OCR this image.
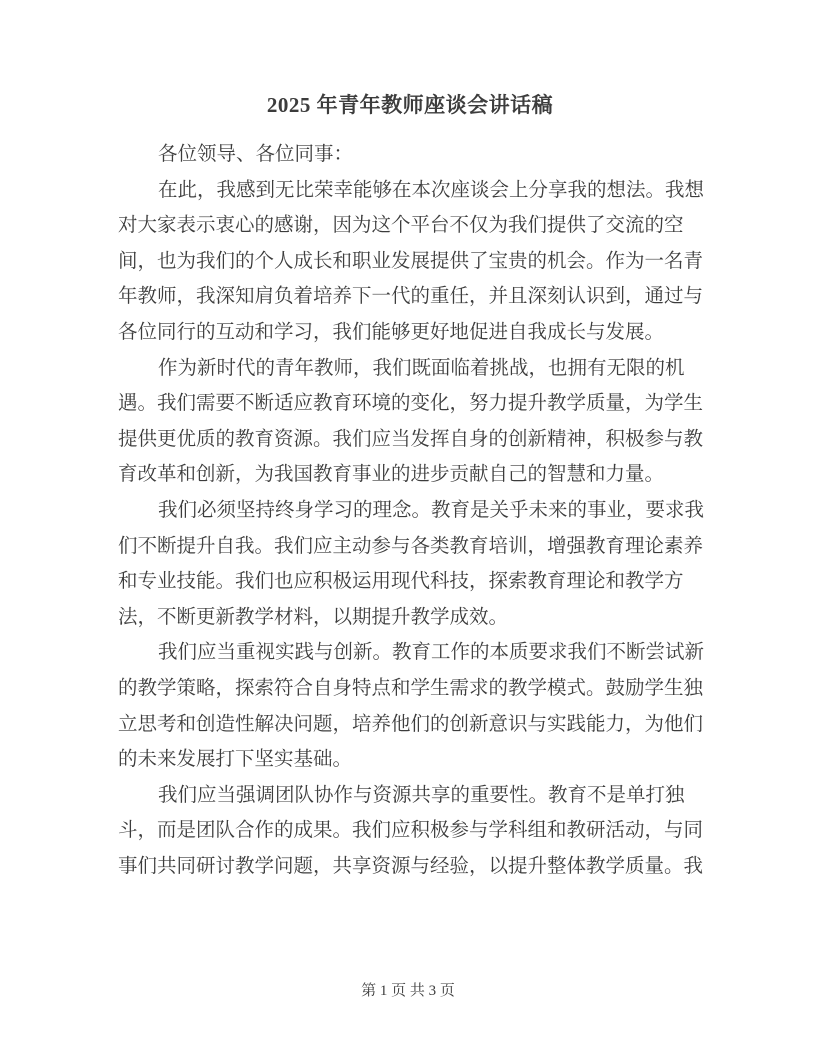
2025 年青年教师座谈会讲话稿
各位领导、各位同事：
在此，我感到无比荣幸能够在本次座谈会上分享我的想法。我想
对大家表示衷心的感谢，因为这个平台不仅为我们提供了交流的空
间，也为我们的个人成长和职业发展提供了宝贵的机会。作为一名青
年教师，我深知肩负着培养下一代的重任，并且深刻认识到，通过与
各位同行的互动和学习，我们能够更好地促进自我成长与发展。
作为新时代的青年教师，我们既面临着挑战，也拥有无限的机
遇。我们需要不断适应教育环境的变化，努力提升教学质量，为学生
提供更优质的教育资源。我们应当发挥自身的创新精神，积极参与教
育改革和创新，为我国教育事业的进步贡献自己的智慧和力量。
我们必须坚持终身学习的理念。教育是关乎未来的事业，要求我
们不断提升自我。我们应主动参与各类教育培训，增强教育理论素养
和专业技能。我们也应积极运用现代科技，探索教育理论和教学方
法，不断更新教学材料，以期提升教学成效。
我们应当重视实践与创新。教育工作的本质要求我们不断尝试新
的教学策略，探索符合自身特点和学生需求的教学模式。鼓励学生独
立思考和创造性解决问题，培养他们的创新意识与实践能力，为他们
的未来发展打下坚实基础。
我们应当强调团队协作与资源共享的重要性。教育不是单打独
斗，而是团队合作的成果。我们应积极参与学科组和教研活动，与同
事们共同研讨教学问题，共享资源与经验，以提升整体教学质量。我
第 1 页 共 3 页
